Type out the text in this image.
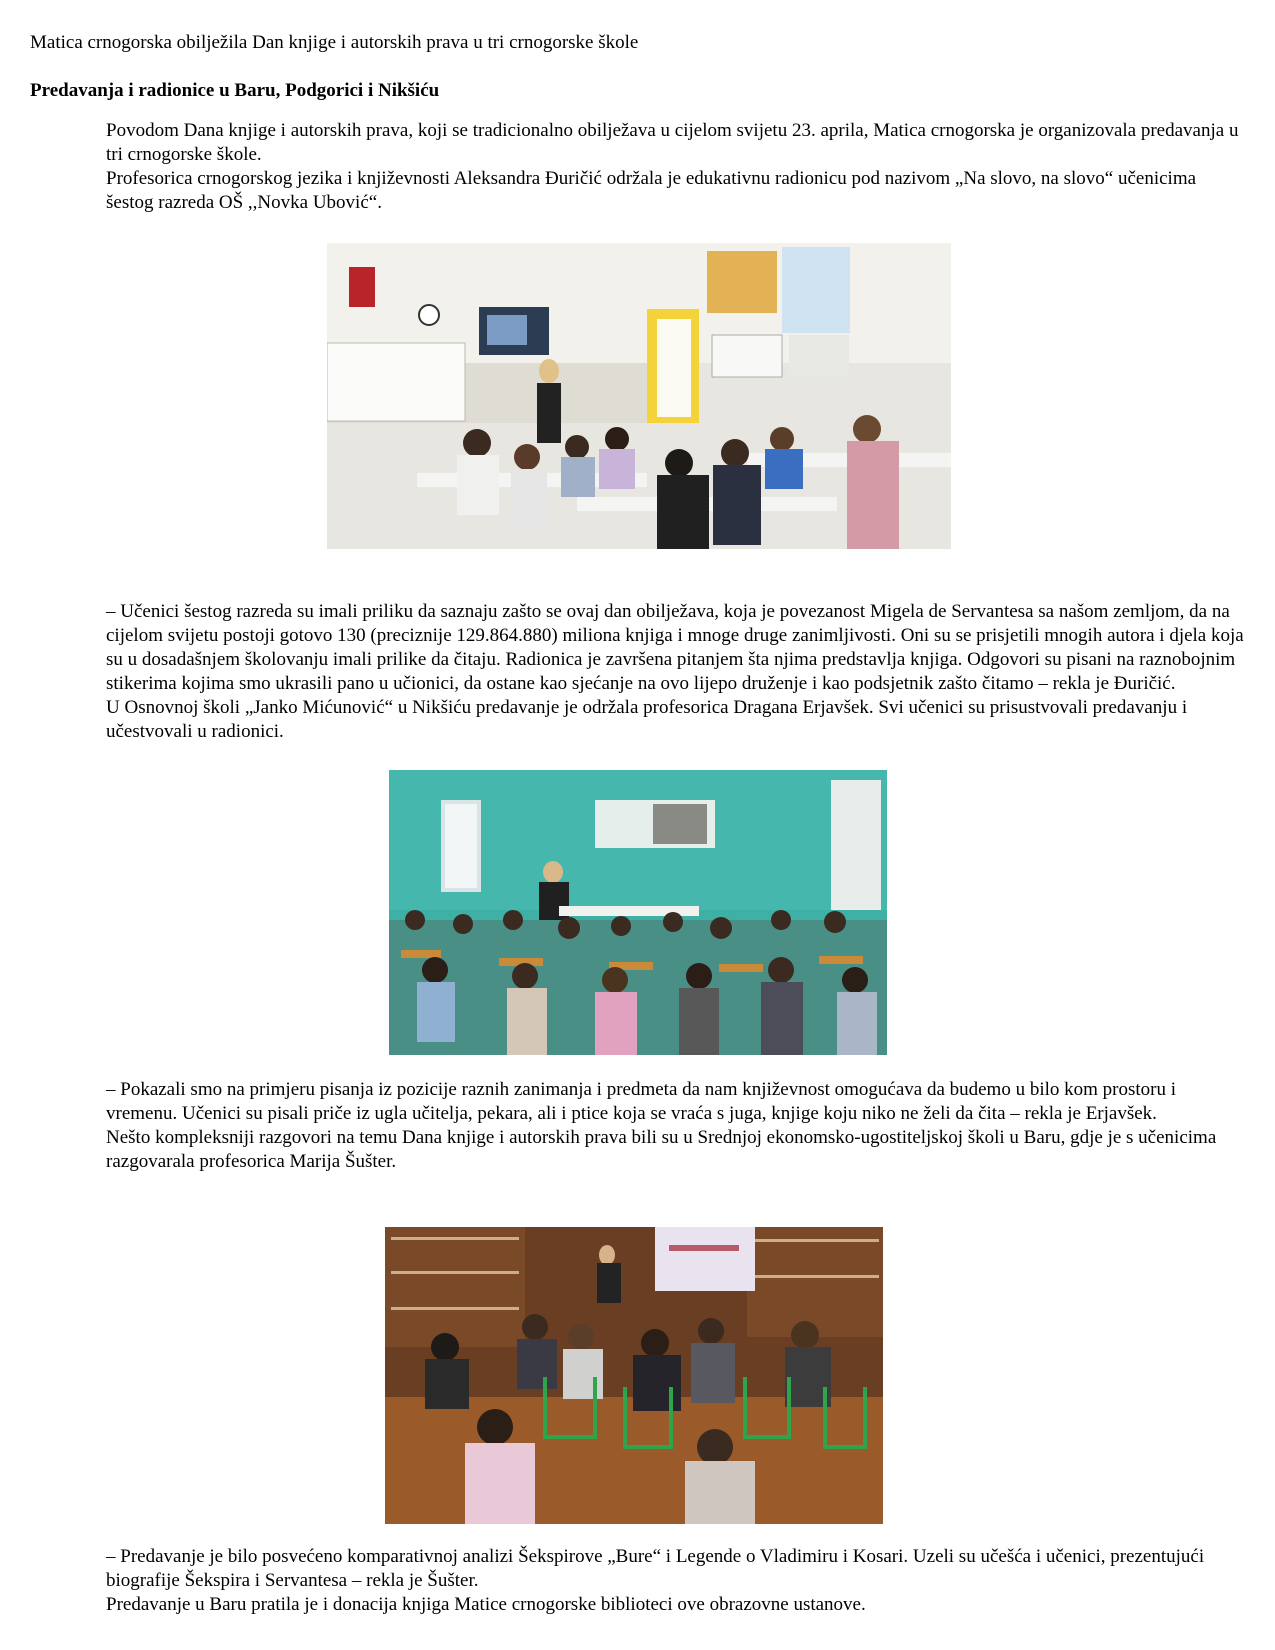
Matica crnogorska obilježila Dan knjige i autorskih prava u tri crnogorske škole
Predavanja i radionice u Baru, Podgorici i Nikšiću
Povodom Dana knjige i autorskih prava, koji se tradicionalno obilježava u cijelom svijetu 23. aprila, Matica crnogorska je organizovala predavanja u tri crnogorske škole.
Profesorica crnogorskog jezika i književnosti Aleksandra Đuričić održala je edukativnu radionicu pod nazivom „Na slovo, na slovo“ učenicima šestog razreda OŠ ,,Novka Ubović“.
– Učenici šestog razreda su imali priliku da saznaju zašto se ovaj dan obilježava, koja je povezanost Migela de Servantesa sa našom zemljom, da na cijelom svijetu postoji gotovo 130 (preciznije 129.864.880) miliona knjiga i mnoge druge zanimljivosti. Oni su se prisjetili mnogih autora i djela koja su u dosadašnjem školovanju imali prilike da čitaju. Radionica je završena pitanjem šta njima predstavlja knjiga. Odgovori su pisani na raznobojnim stikerima kojima smo ukrasili pano u učionici, da ostane kao sjećanje na ovo lijepo druženje i kao podsjetnik zašto čitamo – rekla je Đuričić.
U Osnovnoj školi „Janko Mićunović“ u Nikšiću predavanje je održala profesorica Dragana Erjavšek. Svi učenici su prisustvovali predavanju i učestvovali u radionici.
– Pokazali smo na primjeru pisanja iz pozicije raznih zanimanja i predmeta da nam književnost omogućava da budemo u bilo kom prostoru i vremenu. Učenici su pisali priče iz ugla učitelja, pekara, ali i ptice koja se vraća s juga, knjige koju niko ne želi da čita – rekla je Erjavšek.
Nešto kompleksniji razgovori na temu Dana knjige i autorskih prava bili su u Srednjoj ekonomsko-ugostiteljskoj školi u Baru, gdje je s učenicima razgovarala profesorica Marija Šušter.
– Predavanje je bilo posvećeno komparativnoj analizi Šekspirove „Bure“ i Legende o Vladimiru i Kosari. Uzeli su učešća i učenici, prezentujući biografije Šekspira i Servantesa – rekla je Šušter.
Predavanje u Baru pratila je i donacija knjiga Matice crnogorske biblioteci ove obrazovne ustanove.
